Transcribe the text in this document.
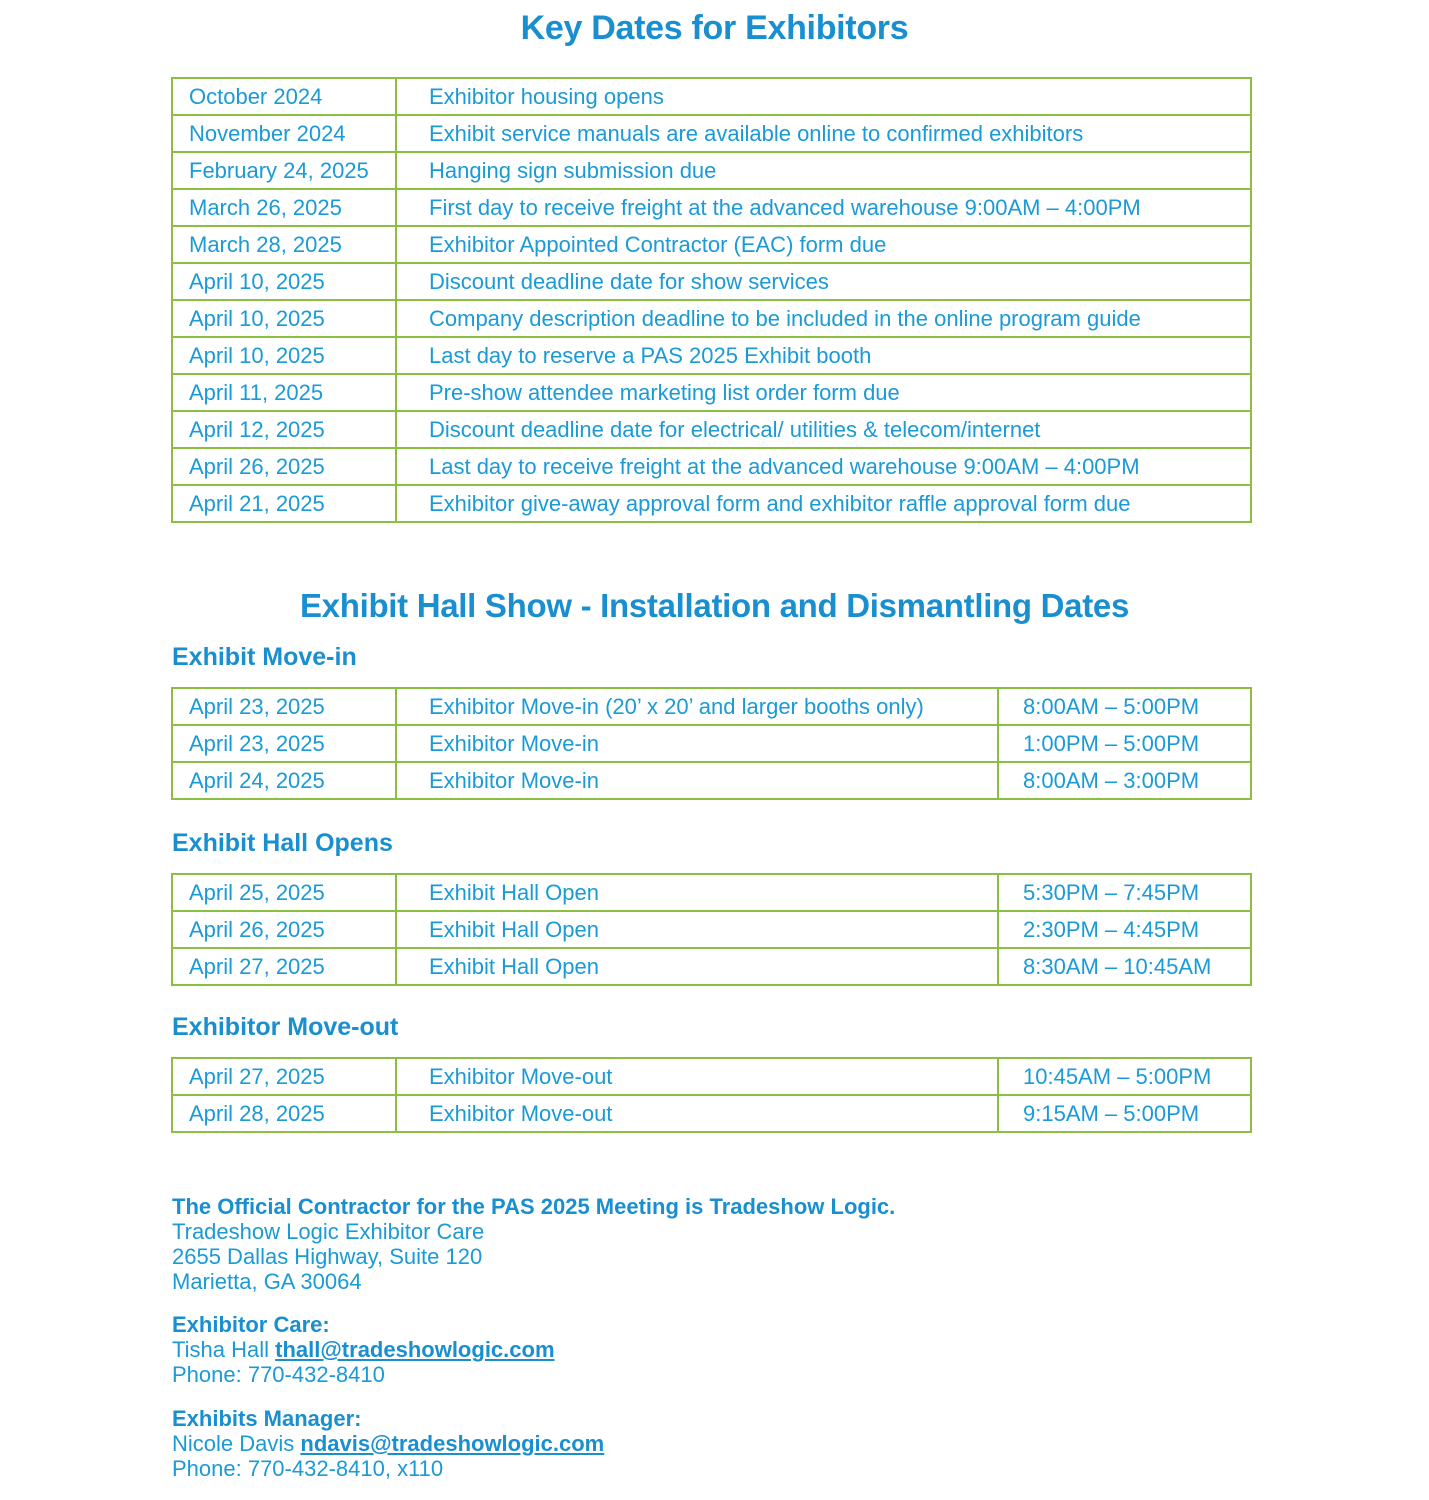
Key Dates for Exhibitors
October 2024	Exhibitor housing opens
November 2024	Exhibit service manuals are available online to confirmed exhibitors
February 24, 2025	Hanging sign submission due
March 26, 2025	First day to receive freight at the advanced warehouse 9:00AM – 4:00PM
March 28, 2025	Exhibitor Appointed Contractor (EAC) form due
April 10, 2025	Discount deadline date for show services
April 10, 2025	Company description deadline to be included in the online program guide
April 10, 2025	Last day to reserve a PAS 2025 Exhibit booth
April 11, 2025	Pre-show attendee marketing list order form due
April 12, 2025	Discount deadline date for electrical/ utilities & telecom/internet
April 26, 2025	Last day to receive freight at the advanced warehouse 9:00AM – 4:00PM
April 21, 2025	Exhibitor give-away approval form and exhibitor raffle approval form due
Exhibit Hall Show - Installation and Dismantling Dates
Exhibit Move-in
April 23, 2025	Exhibitor Move-in (20’ x 20’ and larger booths only)	8:00AM – 5:00PM
April 23, 2025	Exhibitor Move-in	1:00PM – 5:00PM
April 24, 2025	Exhibitor Move-in	8:00AM – 3:00PM
Exhibit Hall Opens
April 25, 2025	Exhibit Hall Open	5:30PM – 7:45PM
April 26, 2025	Exhibit Hall Open	2:30PM – 4:45PM
April 27, 2025	Exhibit Hall Open	8:30AM – 10:45AM
Exhibitor Move-out
April 27, 2025	Exhibitor Move-out	10:45AM – 5:00PM
April 28, 2025	Exhibitor Move-out	9:15AM – 5:00PM
The Official Contractor for the PAS 2025 Meeting is Tradeshow Logic.
Tradeshow Logic Exhibitor Care
2655 Dallas Highway, Suite 120
Marietta, GA 30064
Exhibitor Care:
Tisha Hall thall@tradeshowlogic.com
Phone: 770-432-8410
Exhibits Manager:
Nicole Davis ndavis@tradeshowlogic.com
Phone: 770-432-8410, x110
